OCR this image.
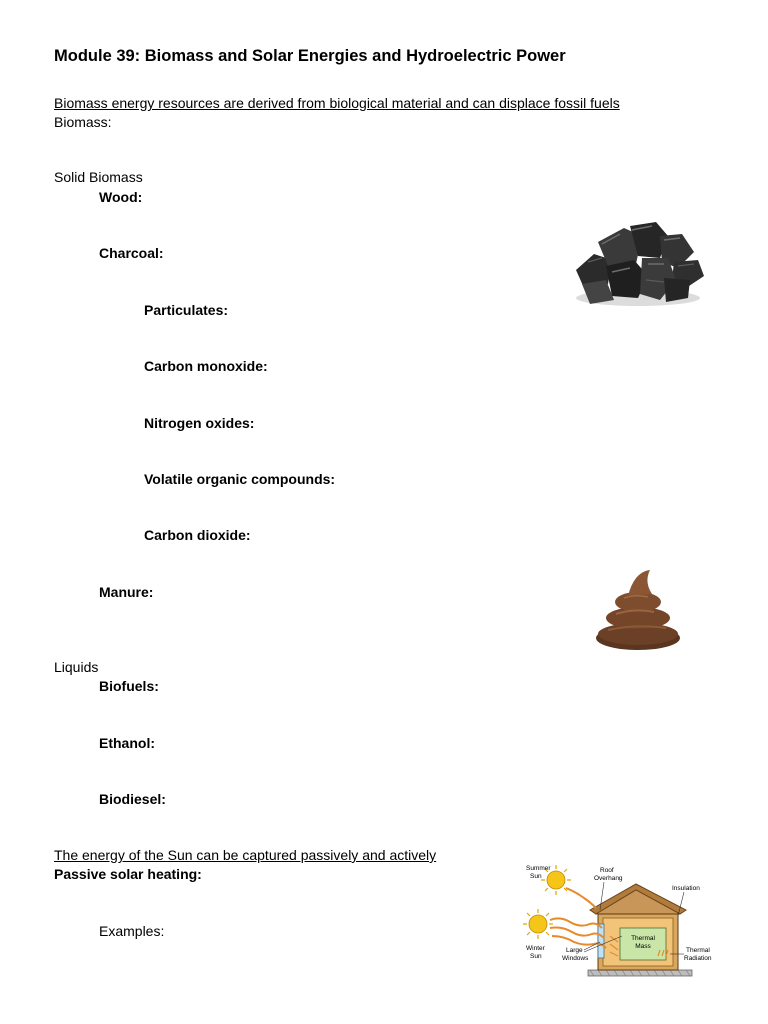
Module 39: Biomass and Solar Energies and Hydroelectric Power
Biomass energy resources are derived from biological material and can displace fossil fuels
Biomass:
Solid Biomass
Wood:
Charcoal:
Particulates:
Carbon monoxide:
Nitrogen oxides:
Volatile organic compounds:
Carbon dioxide:
Manure:
Liquids
Biofuels:
Ethanol:
Biodiesel:
The energy of the Sun can be captured passively and actively
Passive solar heating:
Examples:	Thermal
Mass
Summer
Sun
Winter
Sun
Roof
Overhang
Insulation
Large
Windows
Thermal
Radiation
